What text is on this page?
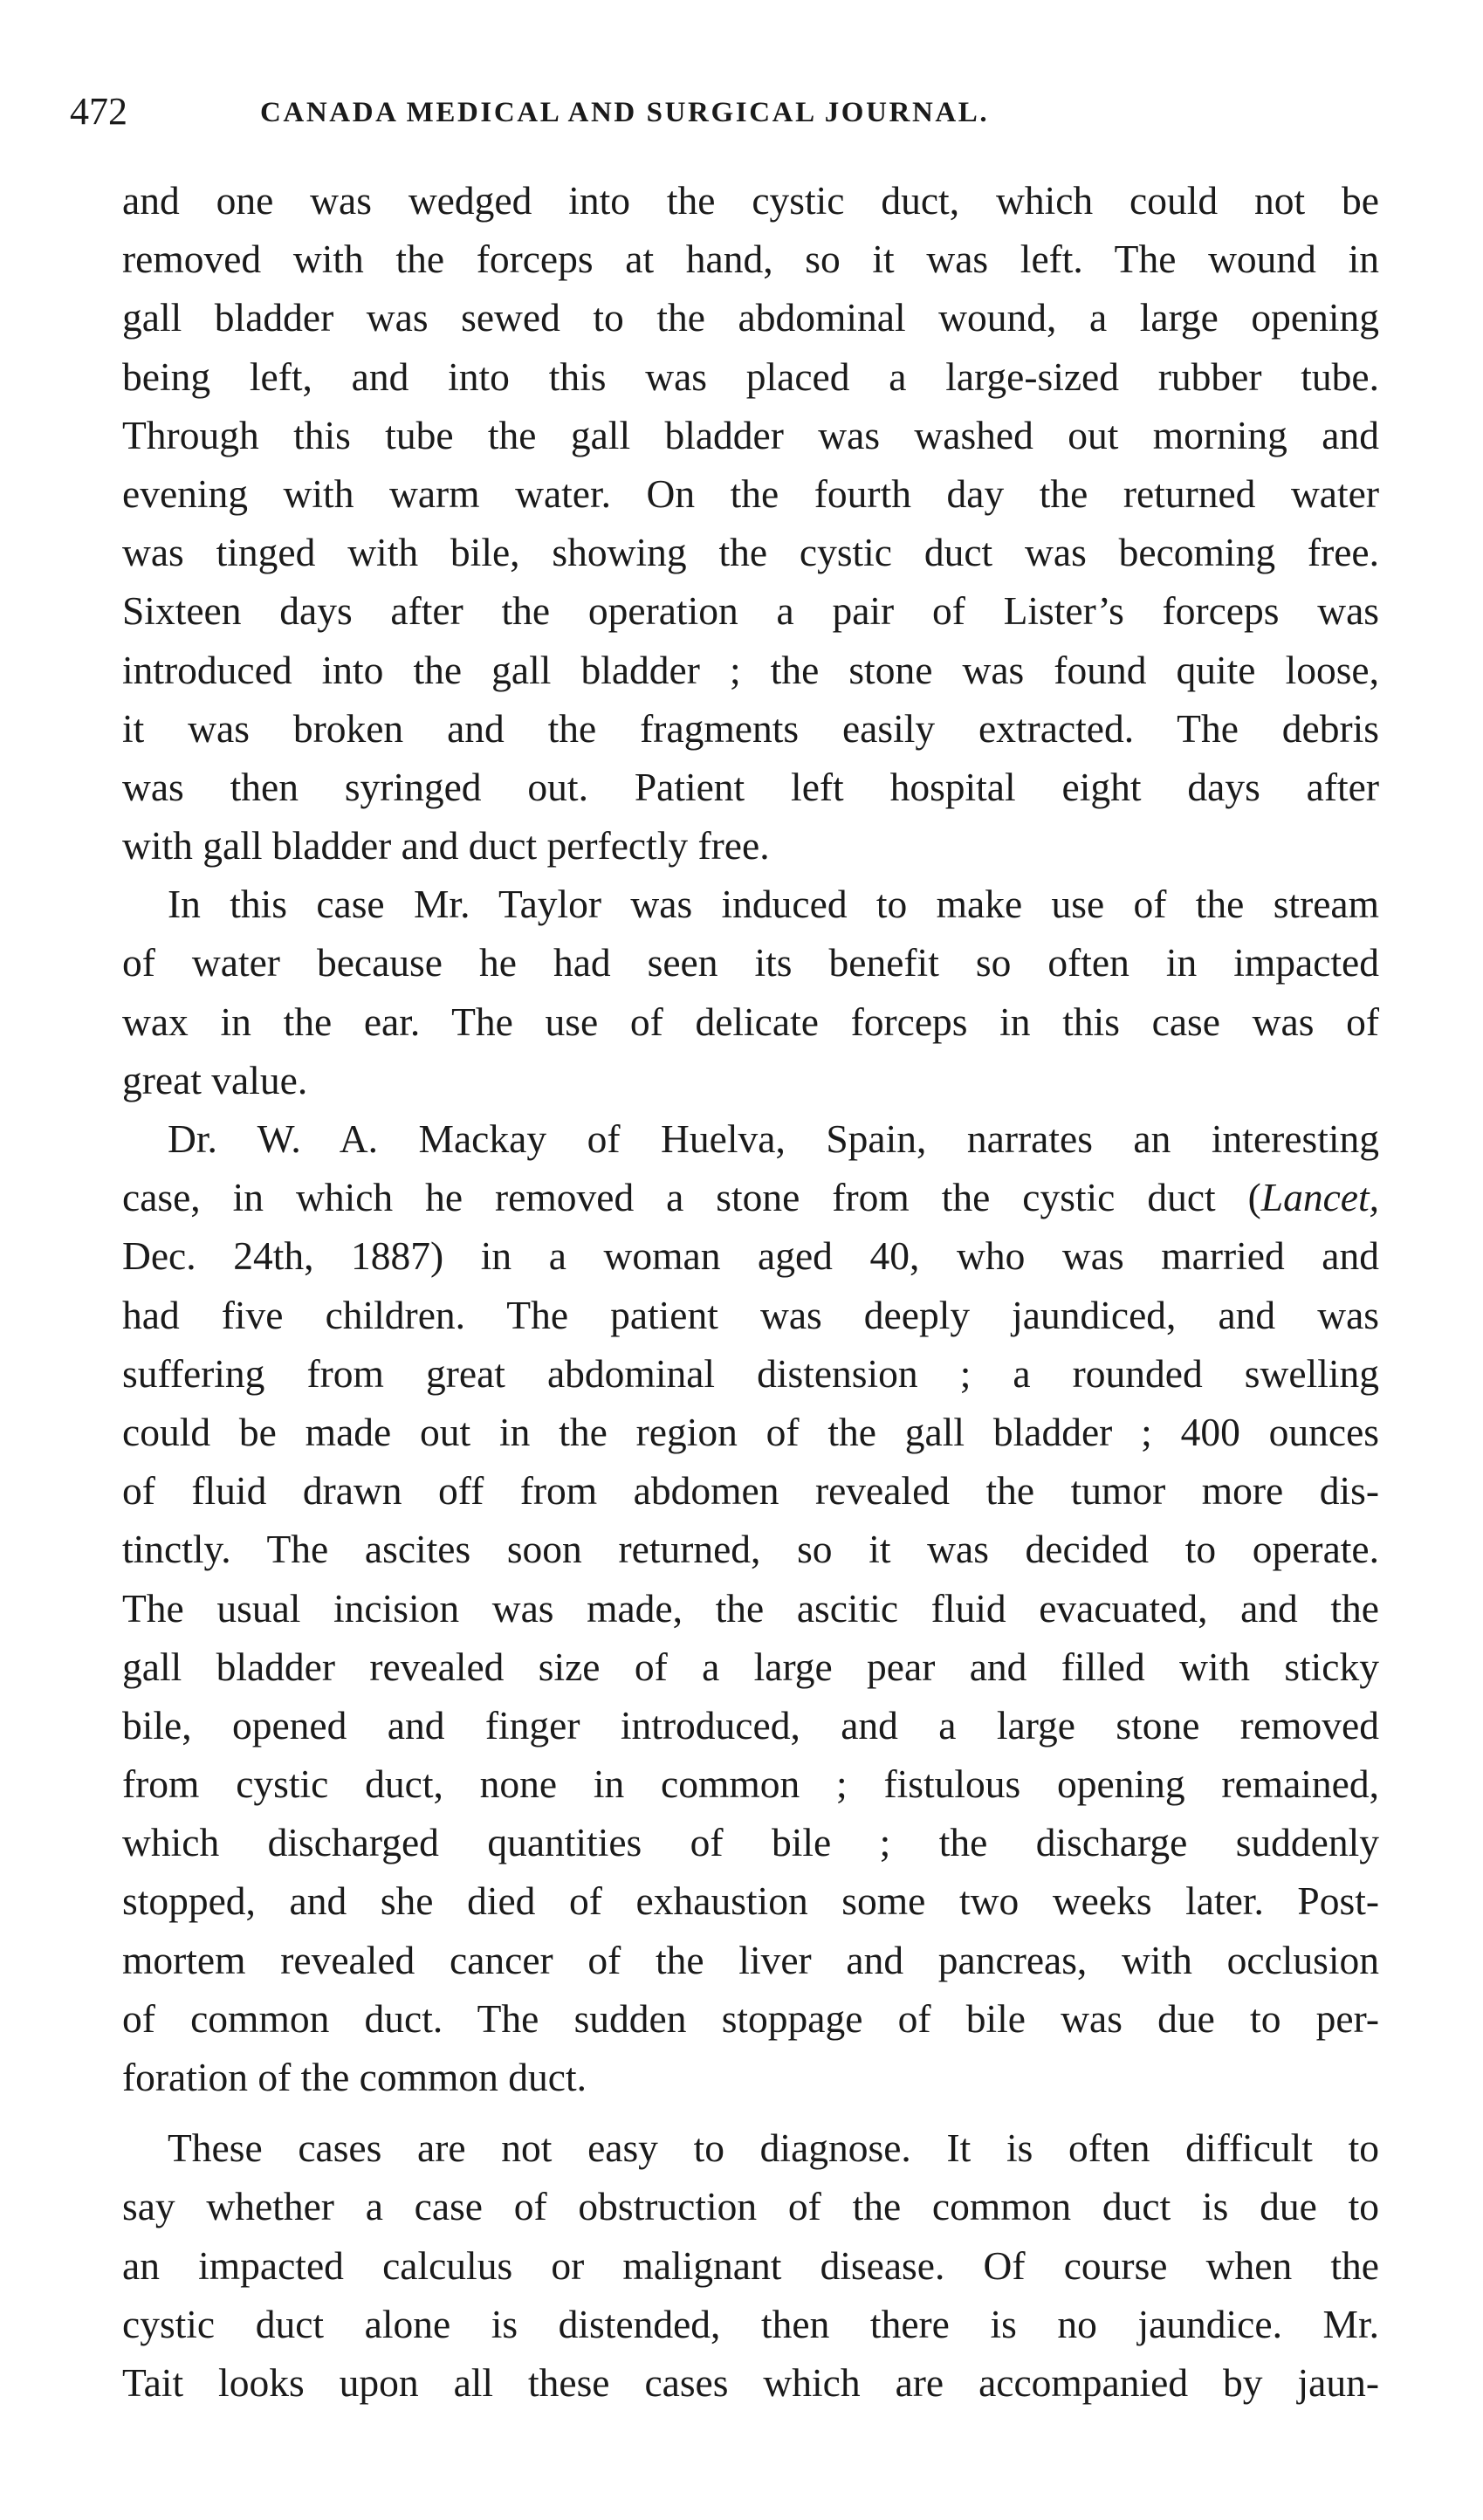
472	CANADA MEDICAL AND SURGICAL JOURNAL.
and one was wedged into the cystic duct, which could not be
removed with the forceps at hand, so it was left. The wound in
gall bladder was sewed to the abdominal wound, a large opening
being left, and into this was placed a large-sized rubber tube.
Through this tube the gall bladder was washed out morning and
evening with warm water. On the fourth day the returned water
was tinged with bile, showing the cystic duct was becoming free.
Sixteen days after the operation a pair of Lister’s forceps was
introduced into the gall bladder ; the stone was found quite loose,
it was broken and the fragments easily extracted. The debris
was then syringed out. Patient left hospital eight days after
with gall bladder and duct perfectly free.
In this case Mr. Taylor was induced to make use of the stream
of water because he had seen its benefit so often in impacted
wax in the ear. The use of delicate forceps in this case was of
great value.
Dr. W. A. Mackay of Huelva, Spain, narrates an interesting
case, in which he removed a stone from the cystic duct (Lancet,
Dec. 24th, 1887) in a woman aged 40, who was married and
had five children. The patient was deeply jaundiced, and was
suffering from great abdominal distension ; a rounded swelling
could be made out in the region of the gall bladder ; 400 ounces
of fluid drawn off from abdomen revealed the tumor more dis-
tinctly. The ascites soon returned, so it was decided to operate.
The usual incision was made, the ascitic fluid evacuated, and the
gall bladder revealed size of a large pear and filled with sticky
bile, opened and finger introduced, and a large stone removed
from cystic duct, none in common ; fistulous opening remained,
which discharged quantities of bile ; the discharge suddenly
stopped, and she died of exhaustion some two weeks later. Post-
mortem revealed cancer of the liver and pancreas, with occlusion
of common duct. The sudden stoppage of bile was due to per-
foration of the common duct.
These cases are not easy to diagnose. It is often difficult to
say whether a case of obstruction of the common duct is due to
an impacted calculus or malignant disease. Of course when the
cystic duct alone is distended, then there is no jaundice. Mr.
Tait looks upon all these cases which are accompanied by jaun-
